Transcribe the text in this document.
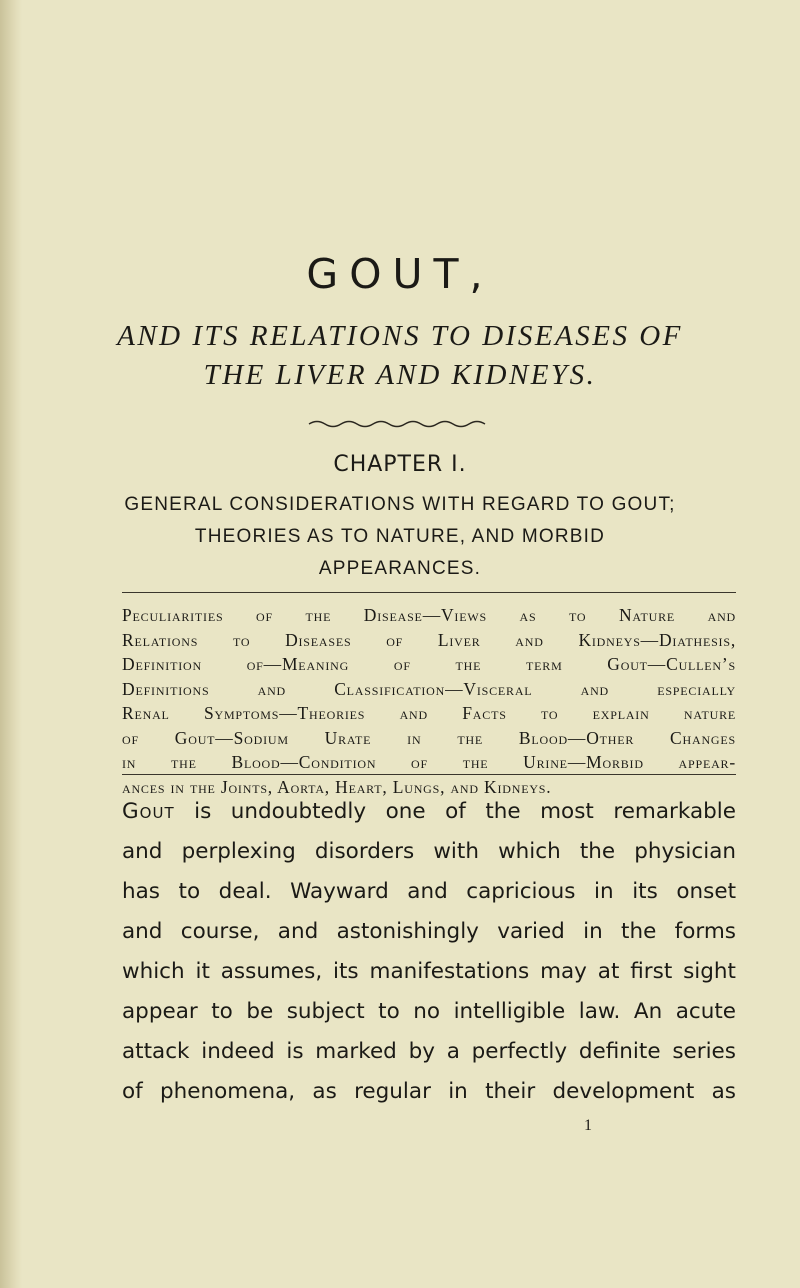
GOUT,
AND ITS RELATIONS TO DISEASES OF
THE LIVER AND KIDNEYS.
CHAPTER I.
GENERAL CONSIDERATIONS WITH REGARD TO GOUT;
THEORIES AS TO NATURE, AND MORBID
APPEARANCES.
Peculiarities of the Disease—Views as to Nature and
Relations to Diseases of Liver and Kidneys—Diathesis,
Definition of—Meaning of the term Gout—Cullen’s
Definitions and Classification—Visceral and especially
Renal Symptoms—Theories and Facts to explain nature
of Gout—Sodium Urate in the Blood—Other Changes
in the Blood—Condition of the Urine—Morbid appear-
ances in the Joints, Aorta, Heart, Lungs, and Kidneys.
Gout is undoubtedly one of the most remarkable
and perplexing disorders with which the physician
has to deal. Wayward and capricious in its onset
and course, and astonishingly varied in the forms
which it assumes, its manifestations may at first sight
appear to be subject to no intelligible law. An acute
attack indeed is marked by a perfectly definite series
of phenomena, as regular in their development as
1
